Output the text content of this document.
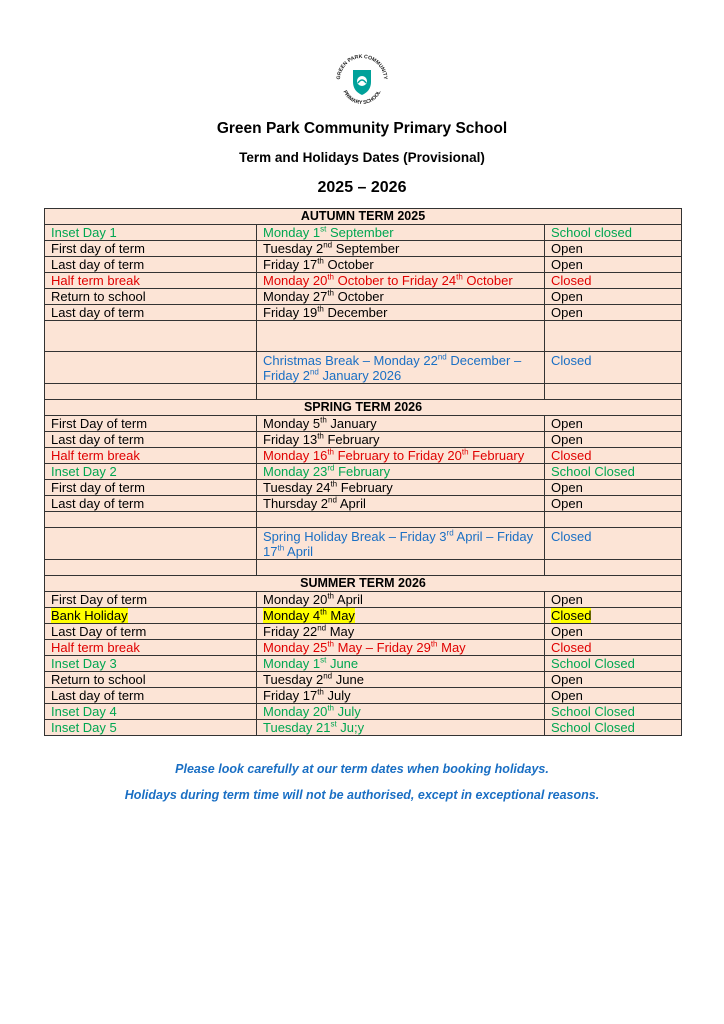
GREEN PARK COMMUNITY
PRIMARY SCHOOL
Green Park Community Primary School
Term and Holidays Dates (Provisional)
2025 – 2026
AUTUMN TERM 2025		
Inset Day 1	Monday 1st September	School closed
First day of term	Tuesday 2nd September	Open
Last day of term	Friday 17th October	Open
Half term break	Monday 20th October to Friday 24th October	Closed
Return to school	Monday 27th October	Open
Last day of term	Friday 19th December	Open

	Christmas Break – Monday 22nd December – Friday 2nd January 2026	Closed

SPRING TERM 2026		
First Day of term	Monday 5th January	Open
Last day of term	Friday 13th February	Open
Half term break	Monday 16th February to Friday 20th February	Closed
Inset Day 2	Monday 23rd February	School Closed
First day of term	Tuesday 24th February	Open
Last day of term	Thursday 2nd April	Open

	Spring Holiday Break – Friday 3rd April – Friday 17th April	Closed

SUMMER TERM 2026		
First Day of term	Monday 20th April	Open
Bank Holiday	Monday 4th May	Closed
Last Day of term	Friday 22nd May	Open
Half term break	Monday 25th May – Friday 29th May	Closed
Inset Day 3	Monday 1st June	School Closed
Return to school	Tuesday 2nd June	Open
Last day of term	Friday 17th July	Open
Inset Day 4	Monday 20th July	School Closed
Inset Day 5	Tuesday 21st Ju;y	School Closed
Please look carefully at our term dates when booking holidays.
Holidays during term time will not be authorised, except in exceptional reasons.
